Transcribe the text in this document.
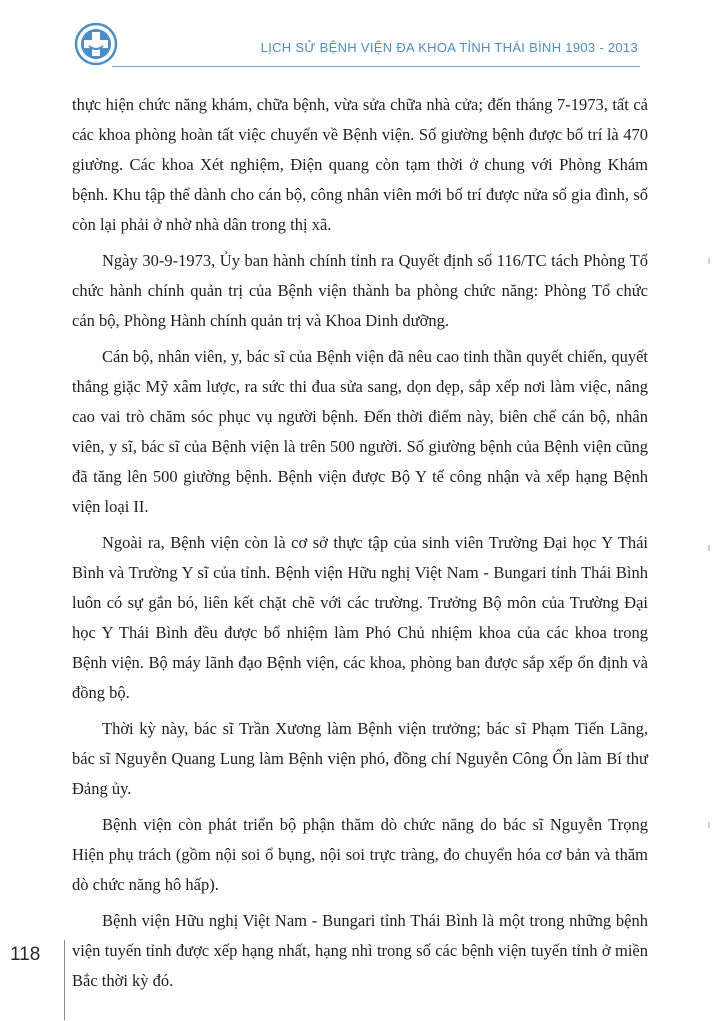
LỊCH SỬ BỆNH VIỆN ĐA KHOA TỈNH THÁI BÌNH 1903 - 2013

thực hiện chức năng khám, chữa bệnh, vừa sửa chữa nhà cửa; đến tháng 7-1973, tất cả các khoa phòng hoàn tất việc chuyển về Bệnh viện. Số giường bệnh được bố trí là 470 giường. Các khoa Xét nghiệm, Điện quang còn tạm thời ở chung với Phòng Khám bệnh. Khu tập thể dành cho cán bộ, công nhân viên mới bố trí được nửa số gia đình, số còn lại phải ở nhờ nhà dân trong thị xã.

Ngày 30-9-1973, Ủy ban hành chính tỉnh ra Quyết định số 116/TC tách Phòng Tổ chức hành chính quản trị của Bệnh viện thành ba phòng chức năng: Phòng Tổ chức cán bộ, Phòng Hành chính quản trị và Khoa Dinh dưỡng.

Cán bộ, nhân viên, y, bác sĩ của Bệnh viện đã nêu cao tinh thần quyết chiến, quyết thắng giặc Mỹ xâm lược, ra sức thi đua sửa sang, dọn dẹp, sắp xếp nơi làm việc, nâng cao vai trò chăm sóc phục vụ người bệnh. Đến thời điểm này, biên chế cán bộ, nhân viên, y sĩ, bác sĩ của Bệnh viện là trên 500 người. Số giường bệnh của Bệnh viện cũng đã tăng lên 500 giường bệnh. Bệnh viện được Bộ Y tế công nhận và xếp hạng Bệnh viện loại II.

Ngoài ra, Bệnh viện còn là cơ sở thực tập của sinh viên Trường Đại học Y Thái Bình và Trường Y sĩ của tỉnh. Bệnh viện Hữu nghị Việt Nam - Bungari tỉnh Thái Bình luôn có sự gắn bó, liên kết chặt chẽ với các trường. Trưởng Bộ môn của Trường Đại học Y Thái Bình đều được bổ nhiệm làm Phó Chủ nhiệm khoa của các khoa trong Bệnh viện. Bộ máy lãnh đạo Bệnh viện, các khoa, phòng ban được sắp xếp ổn định và đồng bộ.

Thời kỳ này, bác sĩ Trần Xương làm Bệnh viện trưởng; bác sĩ Phạm Tiến Lãng, bác sĩ Nguyễn Quang Lung làm Bệnh viện phó, đồng chí Nguyễn Công Ổn làm Bí thư Đảng ủy.

Bệnh viện còn phát triển bộ phận thăm dò chức năng do bác sĩ Nguyễn Trọng Hiện phụ trách (gồm nội soi ổ bụng, nội soi trực tràng, đo chuyển hóa cơ bản và thăm dò chức năng hô hấp).

Bệnh viện Hữu nghị Việt Nam - Bungari tỉnh Thái Bình là một trong những bệnh viện tuyến tỉnh được xếp hạng nhất, hạng nhì trong số các bệnh viện tuyến tỉnh ở miền Bắc thời kỳ đó.

118
